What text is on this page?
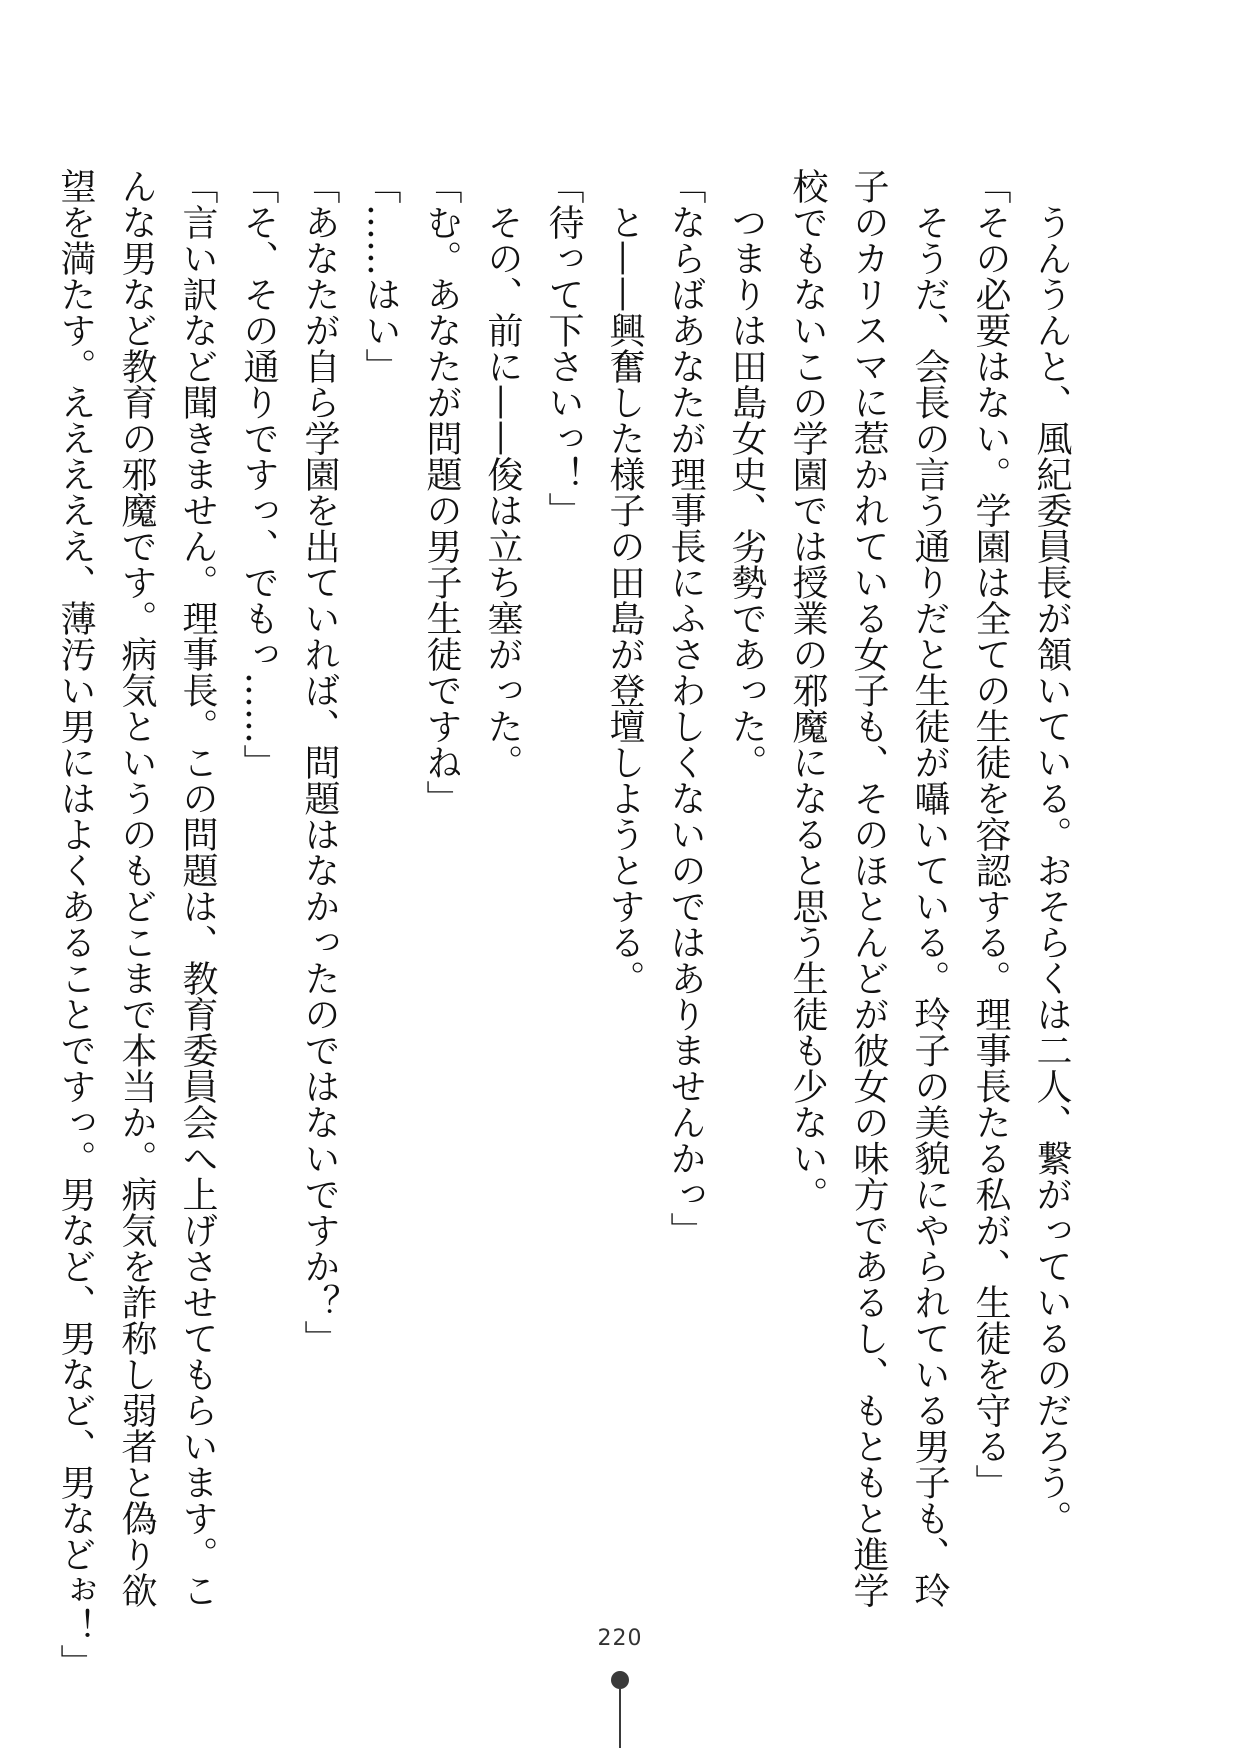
　うんうんと、風紀委員長が頷いている。おそらくは二人、繋がっているのだろう。

「その必要はない。学園は全ての生徒を容認する。理事長たる私が、生徒を守る」

　そうだ、会長の言う通りだと生徒が囁いている。玲子の美貌にやられている男子も、玲

子のカリスマに惹かれている女子も、そのほとんどが彼女の味方であるし、もともと進学

校でもないこの学園では授業の邪魔になると思う生徒も少ない。

　つまりは田島女史、劣勢であった。

「ならばあなたが理事長にふさわしくないのではありませんかっ」

　と——興奮した様子の田島が登壇しようとする。

「待って下さいっ！」

　その、前に——俊は立ち塞がった。

「む。あなたが問題の男子生徒ですね」

「……はい」

「あなたが自ら学園を出ていれば、問題はなかったのではないですか？」

「そ、その通りですっ、でもっ……」

「言い訳など聞きません。理事長。この問題は、教育委員会へ上げさせてもらいます。こ

んな男など教育の邪魔です。病気というのもどこまで本当か。病気を詐称し弱者と偽り欲

望を満たす。えええええ、薄汚い男にはよくあることですっ。男など、男など、男などぉ！」	220
